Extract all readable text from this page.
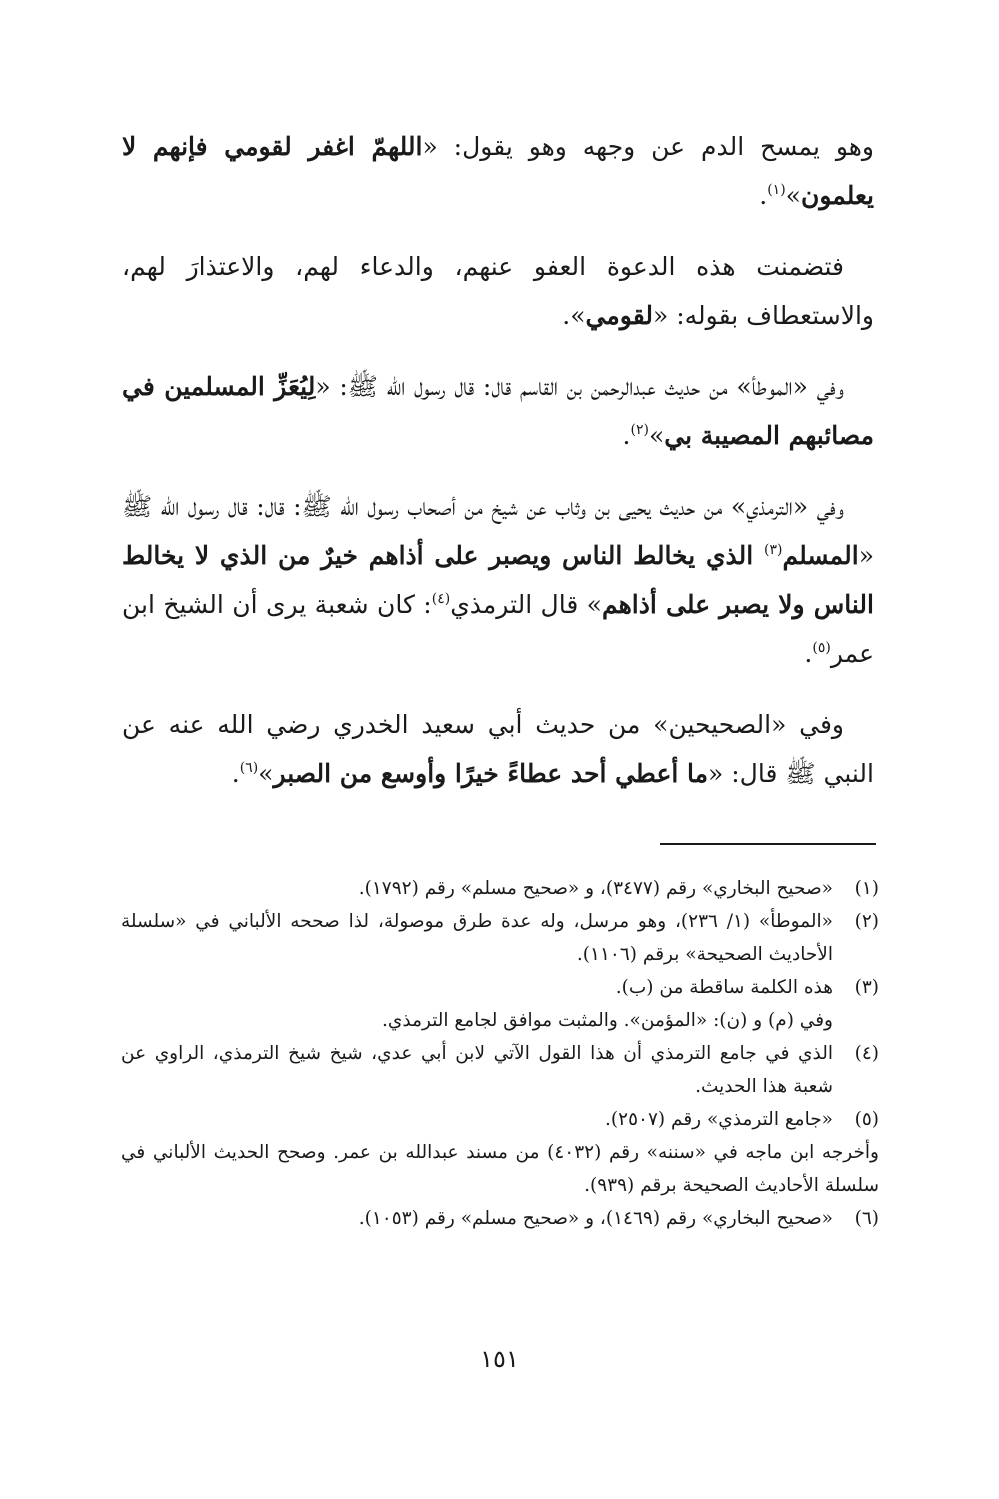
وهو يمسح الدم عن وجهه وهو يقول: «اللهمّ اغفر لقومي فإنهم لا يعلمون»$^{(١)}$.

فتضمنت هذه الدعوة العفو عنهم، والدعاء لهم، والاعتذارَ لهم، والاستعطاف بقوله: «لقومي».

وفي «الموطأ» من حديث عبدالرحمن بن القاسم قال: قال رسول الله ﷺ: «لِيُعَزِّ المسلمين في مصائبهم المصيبة بي»$^{(٢)}$.

وفي «الترمذي» من حديث يحيى بن وثاب عن شيخ من أصحاب رسول الله ﷺ: قال: قال رسول الله ﷺ «المسلم$^{(٣)}$ الذي يخالط الناس ويصبر على أذاهم خيرٌ من الذي لا يخالط الناس ولا يصبر على أذاهم» قال الترمذي$^{(٤)}$: كان شعبة يرى أن الشيخ ابن عمر$^{(٥)}$.

وفي «الصحيحين» من حديث أبي سعيد الخدري رضي الله عنه عن النبي ﷺ قال: «ما أعطي أحد عطاءً خيرًا وأوسع من الصبر»$^{(٦)}$.

(١)
«صحيح البخاري» رقم (٣٤٧٧)، و «صحيح مسلم» رقم (١٧٩٢).
(٢)
«الموطأ» (١/ ٢٣٦)، وهو مرسل، وله عدة طرق موصولة، لذا صححه الألباني في «سلسلة الأحاديث الصحيحة» برقم (١١٠٦).
(٣)
هذه الكلمة ساقطة من (ب).
وفي (م) و (ن): «المؤمن». والمثبت موافق لجامع الترمذي.
(٤)
الذي في جامع الترمذي أن هذا القول الآتي لابن أبي عدي، شيخ شيخ الترمذي، الراوي عن شعبة هذا الحديث.
(٥)
«جامع الترمذي» رقم (٢٥٠٧).
وأخرجه ابن ماجه في «سننه» رقم (٤٠٣٢) من مسند عبدالله بن عمر. وصحح الحديث الألباني في سلسلة الأحاديث الصحيحة برقم (٩٣٩).
(٦)
«صحيح البخاري» رقم (١٤٦٩)، و «صحيح مسلم» رقم (١٠٥٣).
١٥١
